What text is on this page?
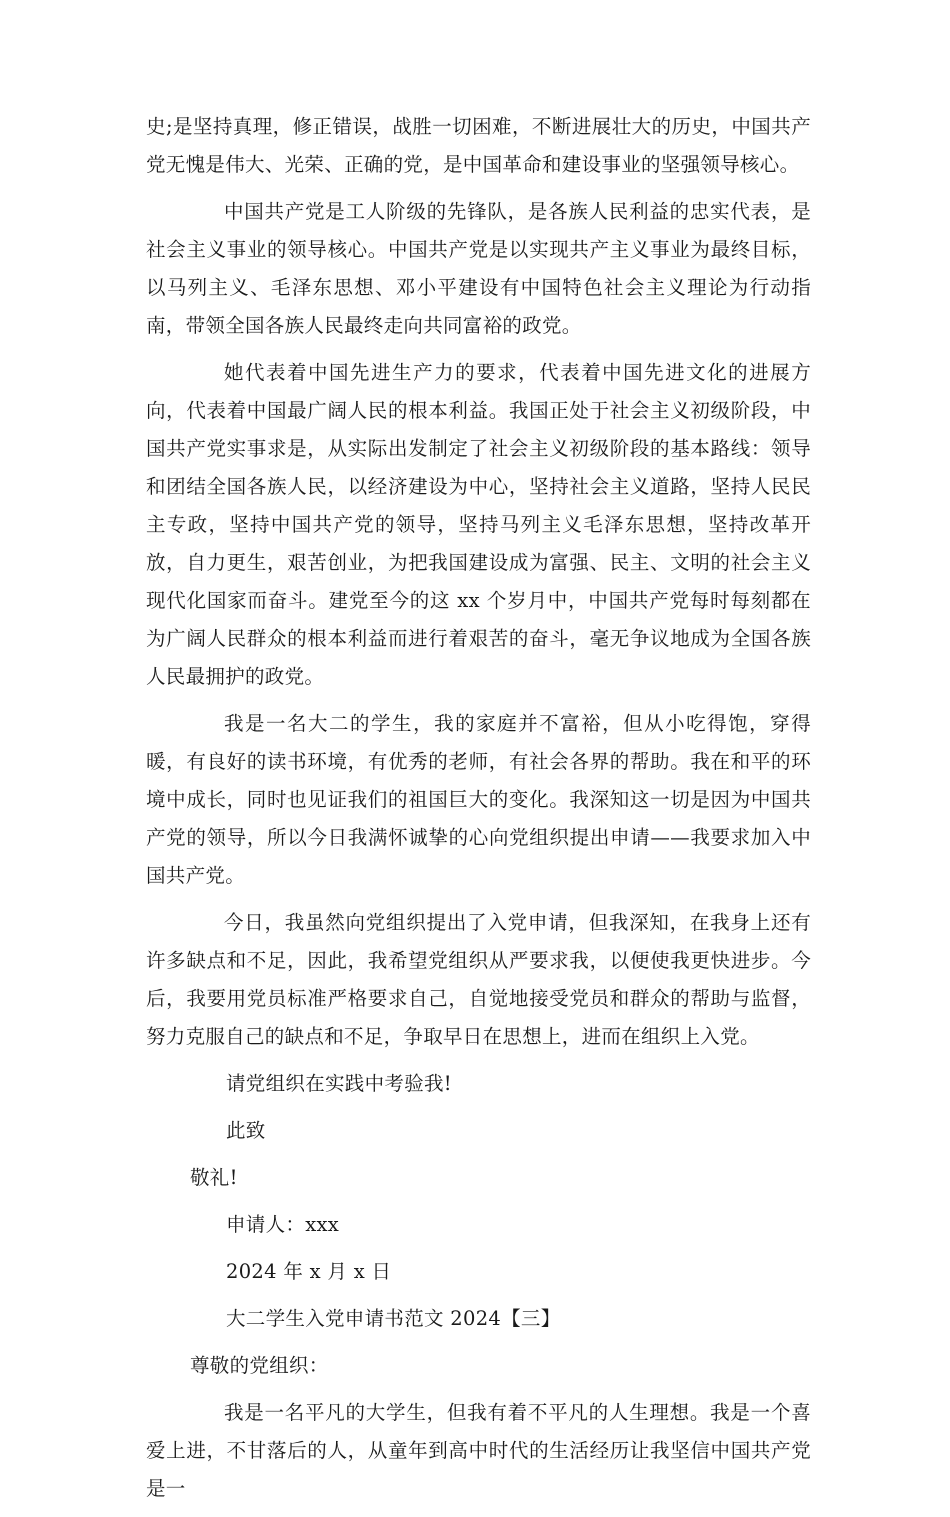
史;是坚持真理，修正错误，战胜一切困难，不断进展壮大的历史，中国共产党无愧是伟大、光荣、正确的党，是中国革命和建设事业的坚强领导核心。

中国共产党是工人阶级的先锋队，是各族人民利益的忠实代表，是社会主义事业的领导核心。中国共产党是以实现共产主义事业为最终目标，以马列主义、毛泽东思想、邓小平建设有中国特色社会主义理论为行动指南，带领全国各族人民最终走向共同富裕的政党。

她代表着中国先进生产力的要求，代表着中国先进文化的进展方向，代表着中国最广阔人民的根本利益。我国正处于社会主义初级阶段，中国共产党实事求是，从实际出发制定了社会主义初级阶段的基本路线：领导和团结全国各族人民，以经济建设为中心，坚持社会主义道路，坚持人民民主专政，坚持中国共产党的领导，坚持马列主义毛泽东思想，坚持改革开放，自力更生，艰苦创业，为把我国建设成为富强、民主、文明的社会主义现代化国家而奋斗。建党至今的这 xx 个岁月中，中国共产党每时每刻都在为广阔人民群众的根本利益而进行着艰苦的奋斗，毫无争议地成为全国各族人民最拥护的政党。

我是一名大二的学生，我的家庭并不富裕，但从小吃得饱，穿得暖，有良好的读书环境，有优秀的老师，有社会各界的帮助。我在和平的环境中成长，同时也见证我们的祖国巨大的变化。我深知这一切是因为中国共产党的领导，所以今日我满怀诚挚的心向党组织提出申请——我要求加入中国共产党。

今日，我虽然向党组织提出了入党申请，但我深知，在我身上还有许多缺点和不足，因此，我希望党组织从严要求我，以便使我更快进步。今后，我要用党员标准严格要求自己，自觉地接受党员和群众的帮助与监督，努力克服自己的缺点和不足，争取早日在思想上，进而在组织上入党。

请党组织在实践中考验我!

此致

敬礼!

申请人：xxx

2024 年 x 月 x 日

大二学生入党申请书范文 2024【三】

尊敬的党组织：

我是一名平凡的大学生，但我有着不平凡的人生理想。我是一个喜爱上进，不甘落后的人，从童年到高中时代的生活经历让我坚信中国共产党是一
